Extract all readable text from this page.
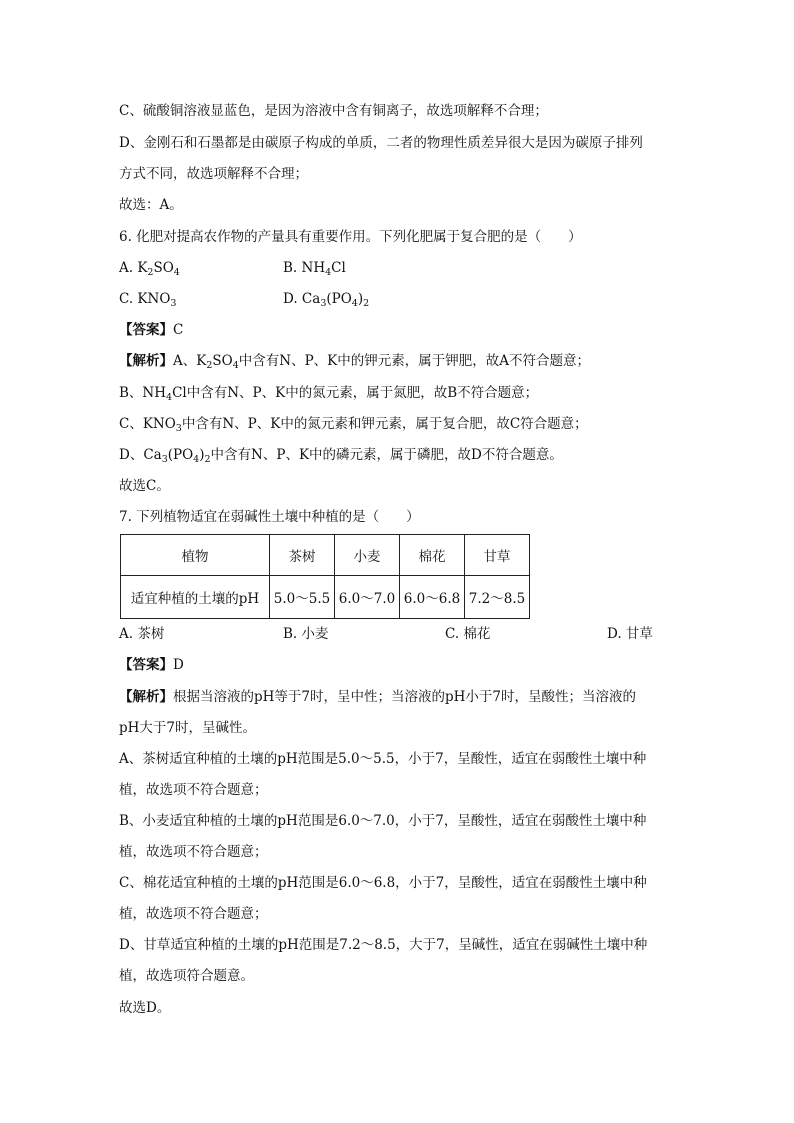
C、硫酸铜溶液显蓝色，是因为溶液中含有铜离子，故选项解释不合理；
D、金刚石和石墨都是由碳原子构成的单质，二者的物理性质差异很大是因为碳原子排列
方式不同，故选项解释不合理；
故选：A。
6. 化肥对提高农作物的产量具有重要作用。下列化肥属于复合肥的是（　　）
A. $K_2SO_4$	B. $NH_4Cl$
C. $KNO_3$	D. $Ca_3(PO_4)_2$
【答案】C
【解析】A、$K_2SO_4$中含有N、P、K中的钾元素，属于钾肥，故A不符合题意；
B、$NH_4Cl$中含有N、P、K中的氮元素，属于氮肥，故B不符合题意；
C、$KNO_3$中含有N、P、K中的氮元素和钾元素，属于复合肥，故C符合题意；
D、$Ca_3(PO_4)_2$中含有N、P、K中的磷元素，属于磷肥，故D不符合题意。
故选C。
7. 下列植物适宜在弱碱性土壤中种植的是（　　）
植物	茶树	小麦	棉花	甘草
适宜种植的土壤的pH	5.0～5.5	6.0～7.0	6.0～6.8	7.2～8.5
A. 茶树	B. 小麦	C. 棉花	D. 甘草
【答案】D
【解析】根据当溶液的pH等于7时，呈中性；当溶液的pH小于7时，呈酸性；当溶液的
pH大于7时，呈碱性。
A、茶树适宜种植的土壤的pH范围是5.0～5.5，小于7，呈酸性，适宜在弱酸性土壤中种
植，故选项不符合题意；
B、小麦适宜种植的土壤的pH范围是6.0～7.0，小于7，呈酸性，适宜在弱酸性土壤中种
植，故选项不符合题意；
C、棉花适宜种植的土壤的pH范围是6.0～6.8，小于7，呈酸性，适宜在弱酸性土壤中种
植，故选项不符合题意；
D、甘草适宜种植的土壤的pH范围是7.2～8.5，大于7，呈碱性，适宜在弱碱性土壤中种
植，故选项符合题意。
故选D。
